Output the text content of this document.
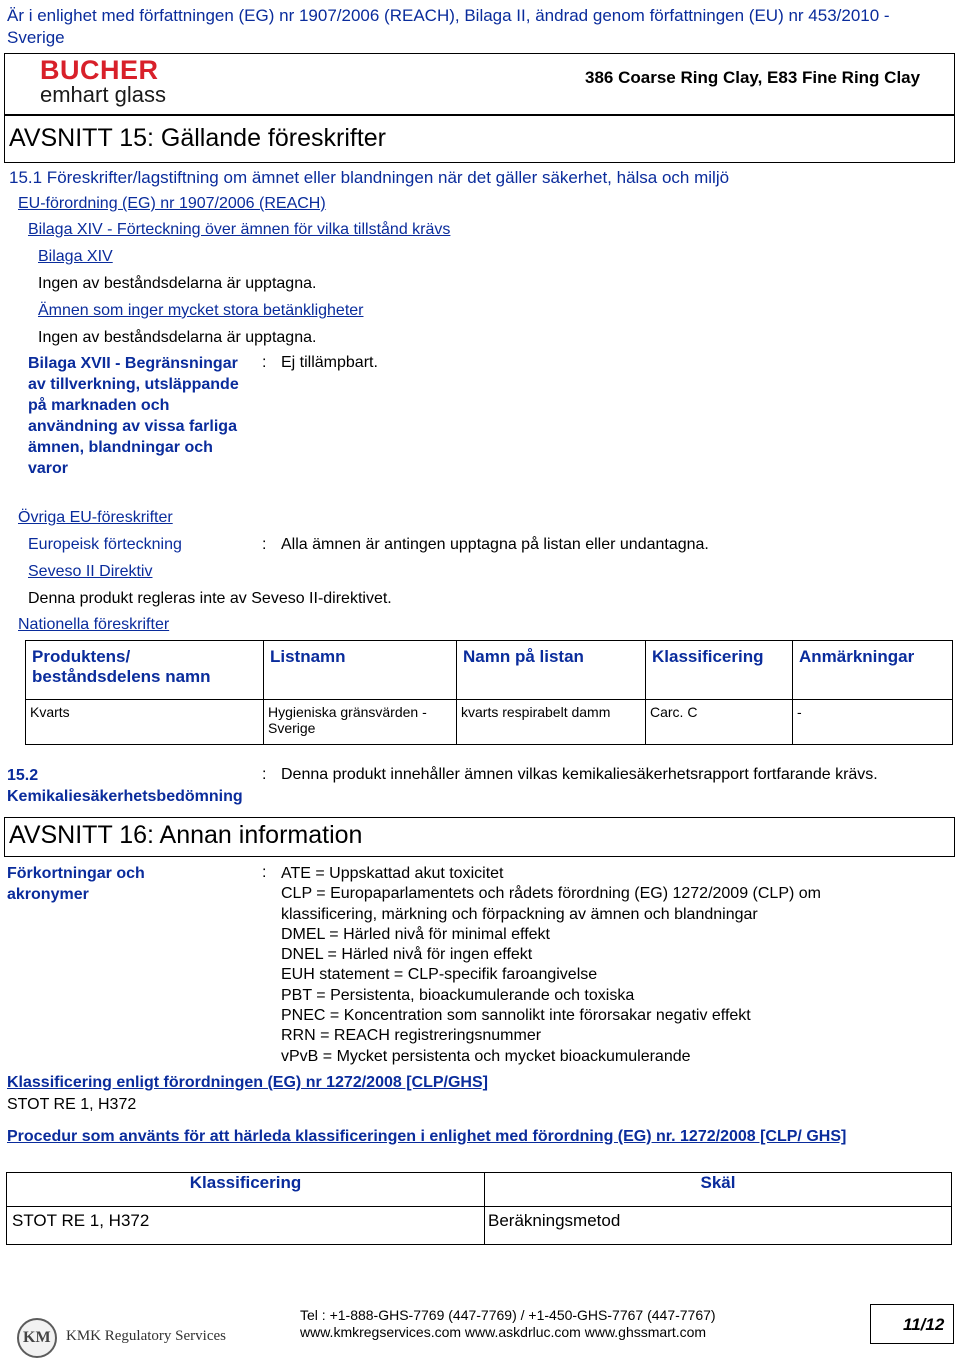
Är i enlighet med författningen (EG) nr 1907/2006 (REACH), Bilaga II, ändrad genom författningen (EU) nr 453/2010 - Sverige
BUCHER
emhart glass
386 Coarse Ring Clay, E83 Fine Ring Clay
AVSNITT 15: Gällande föreskrifter
15.1 Föreskrifter/lagstiftning om ämnet eller blandningen när det gäller säkerhet, hälsa och miljö
EU-förordning (EG) nr 1907/2006 (REACH)
Bilaga XIV - Förteckning över ämnen för vilka tillstånd krävs
Bilaga XIV
Ingen av beståndsdelarna är upptagna.
Ämnen som inger mycket stora betänkligheter
Ingen av beståndsdelarna är upptagna.
Bilaga XVII - Begränsningar av tillverkning, utsläppande på marknaden och användning av vissa farliga ämnen, blandningar och varor
: Ej tillämpbart.
Övriga EU-föreskrifter
Europeisk förteckning	: Alla ämnen är antingen upptagna på listan eller undantagna.
Seveso II Direktiv
Denna produkt regleras inte av Seveso II-direktivet.
Nationella föreskrifter
Produktens/ beståndsdelens namn	Listnamn	Namn på listan	Klassificering	Anmärkningar
Kvarts	Hygieniska gränsvärden - Sverige	kvarts respirabelt damm	Carc. C	-
15.2 Kemikaliesäkerhetsbedömning
: Denna produkt innehåller ämnen vilkas kemikaliesäkerhetsrapport fortfarande krävs.
AVSNITT 16: Annan information
Förkortningar och akronymer
: ATE = Uppskattad akut toxicitet
CLP = Europaparlamentets och rådets förordning (EG) 1272/2009 (CLP) om
klassificering, märkning och förpackning av ämnen och blandningar
DMEL = Härled nivå för minimal effekt
DNEL = Härled nivå för ingen effekt
EUH statement = CLP-specifik faroangivelse
PBT = Persistenta, bioackumulerande och toxiska
PNEC = Koncentration som sannolikt inte förorsakar negativ effekt
RRN = REACH registreringsnummer
vPvB = Mycket persistenta och mycket bioackumulerande
Klassificering enligt förordningen (EG) nr 1272/2008 [CLP/GHS]
STOT RE 1, H372
Procedur som använts för att härleda klassificeringen i enlighet med förordning (EG) nr. 1272/2008 [CLP/ GHS]
Klassificering	Skäl
STOT RE 1, H372	Beräkningsmetod
KM KMK Regulatory Services
Tel : +1-888-GHS-7769 (447-7769) / +1-450-GHS-7767 (447-7767)
www.kmkregservices.com www.askdrluc.com www.ghssmart.com	11/12
